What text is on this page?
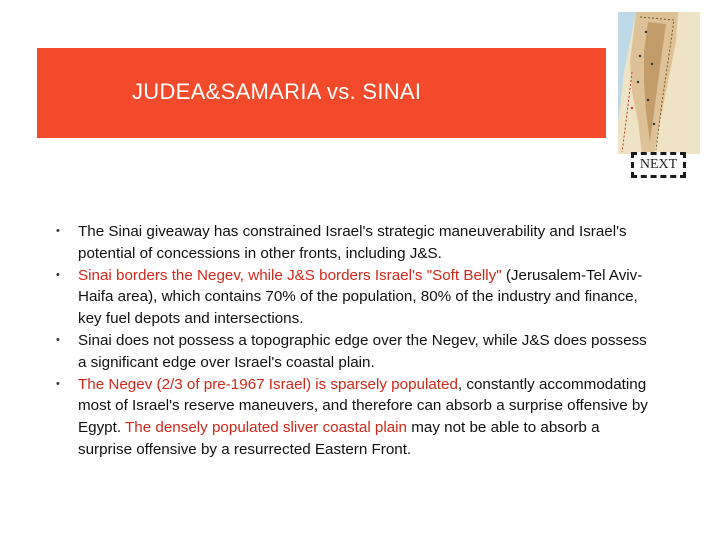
JUDEA&SAMARIA vs. SINAI
NEXT
• The Sinai giveaway has constrained Israel's strategic maneuverability and Israel's potential of concessions in other fronts, including J&S.
• Sinai borders the Negev, while J&S borders Israel's "Soft Belly" (Jerusalem-Tel Aviv-Haifa area), which contains 70% of the population, 80% of the industry and finance, key fuel depots and intersections.
• Sinai does not possess a topographic edge over the Negev, while J&S does possess a significant edge over Israel's coastal plain.
• The Negev (2/3 of pre-1967 Israel) is sparsely populated, constantly accommodating most of Israel's reserve maneuvers, and therefore can absorb a surprise offensive by Egypt. The densely populated sliver coastal plain may not be able to absorb a surprise offensive by a resurrected Eastern Front.
